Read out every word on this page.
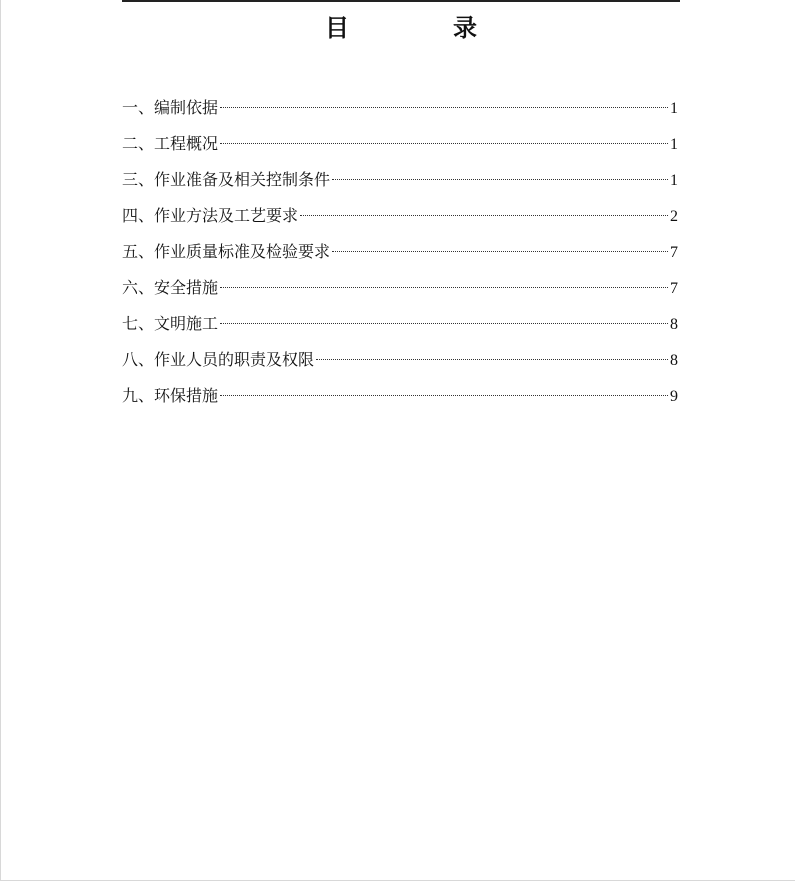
目　录
一、编制依据	1
二、工程概况	1
三、作业准备及相关控制条件	1
四、作业方法及工艺要求	2
五、作业质量标准及检验要求	7
六、安全措施	7
七、文明施工	8
八、作业人员的职责及权限	8
九、环保措施	9
